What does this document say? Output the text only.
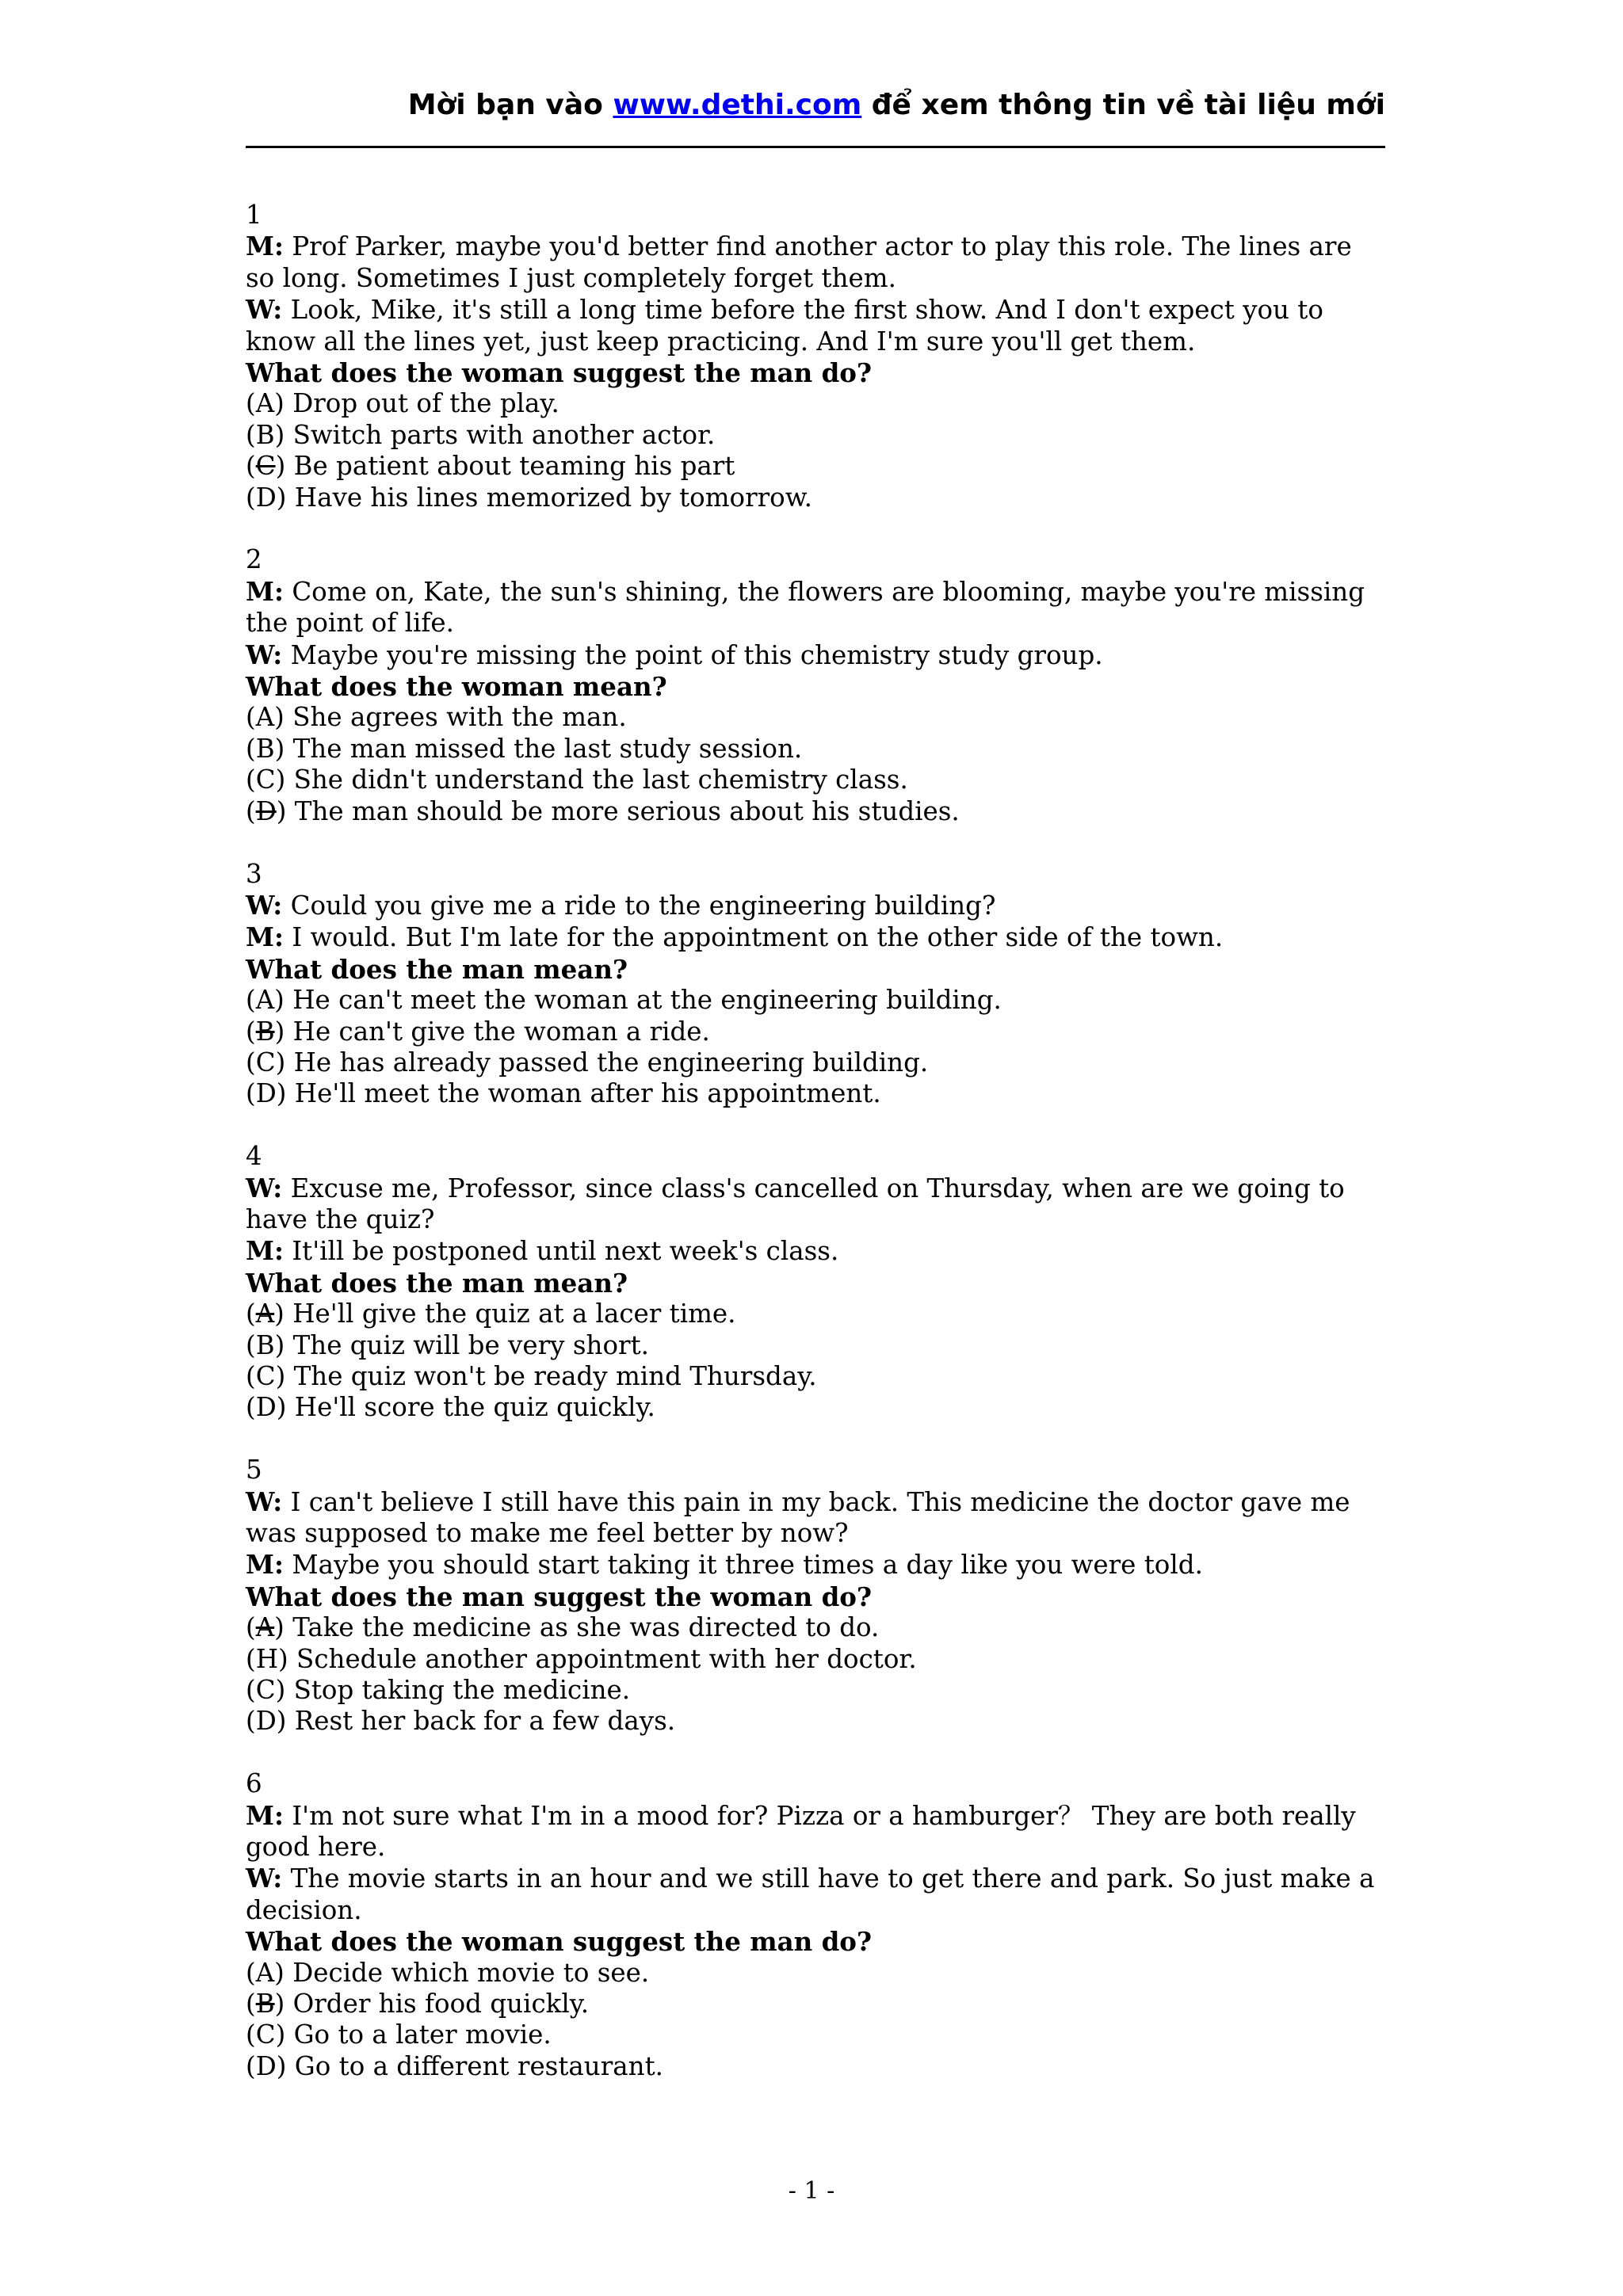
Mời bạn vào www.dethi.com để xem thông tin về tài liệu mới

1

M: Prof Parker, maybe you'd better find another actor to play this role. The lines are so long. Sometimes I just completely forget them.

W: Look, Mike, it's still a long time before the first show. And I don't expect you to know all the lines yet, just keep practicing. And I'm sure you'll get them.

What does the woman suggest the man do?

(A) Drop out of the play.

(B) Switch parts with another actor.

(C) Be patient about teaming his part

(D) Have his lines memorized by tomorrow.

2

M: Come on, Kate, the sun's shining, the flowers are blooming, maybe you're missing the point of life.

W: Maybe you're missing the point of this chemistry study group.

What does the woman mean?

(A) She agrees with the man.

(B) The man missed the last study session.

(C) She didn't understand the last chemistry class.

(D) The man should be more serious about his studies.

3

W: Could you give me a ride to the engineering building?

M: I would. But I'm late for the appointment on the other side of the town.

What does the man mean?

(A) He can't meet the woman at the engineering building.

(B) He can't give the woman a ride.

(C) He has already passed the engineering building.

(D) He'll meet the woman after his appointment.

4

W: Excuse me, Professor, since class's cancelled on Thursday, when are we going to have the quiz?

M: It'ill be postponed until next week's class.

What does the man mean?

(A) He'll give the quiz at a lacer time.

(B) The quiz will be very short.

(C) The quiz won't be ready mind Thursday.

(D) He'll score the quiz quickly.

5

W: I can't believe I still have this pain in my back. This medicine the doctor gave me was supposed to make me feel better by now?

M: Maybe you should start taking it three times a day like you were told.

What does the man suggest the woman do?

(A) Take the medicine as she was directed to do.

(H) Schedule another appointment with her doctor.

(C) Stop taking the medicine.

(D) Rest her back for a few days.

6

M: I'm not sure what I'm in a mood for? Pizza or a hamburger？ They are both really good here.

W: The movie starts in an hour and we still have to get there and park. So just make a decision.

What does the woman suggest the man do?

(A) Decide which movie to see.

(B) Order his food quickly.

(C) Go to a later movie.

(D) Go to a different restaurant.

- 1 -
